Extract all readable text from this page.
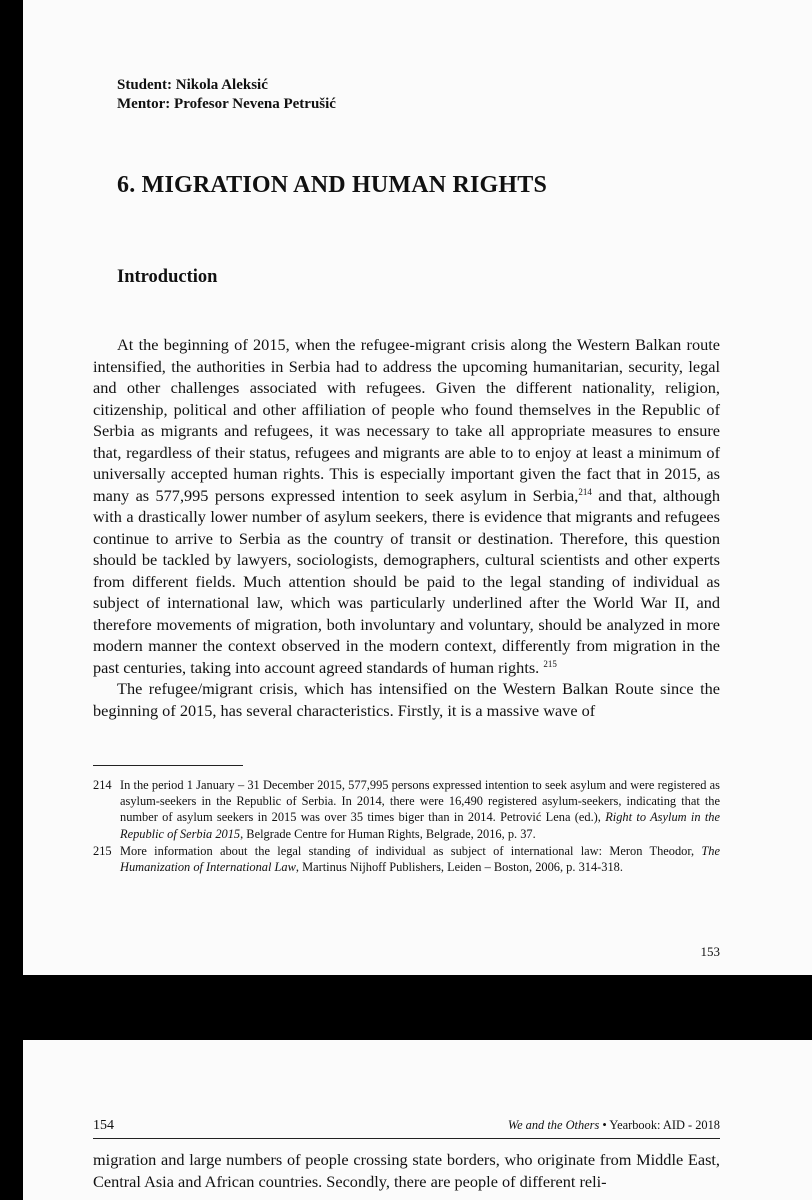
Student: Nikola Aleksić
Mentor: Profesor Nevena Petrušić
6. MIGRATION AND HUMAN RIGHTS
Introduction

At the beginning of 2015, when the refugee-migrant crisis along the Western Balkan route intensified, the authorities in Serbia had to address the upcoming humanitarian, security, legal and other challenges associated with refugees. Given the different nationality, religion, citizenship, political and other affiliation of people who found themselves in the Republic of Serbia as migrants and refugees, it was necessary to take all appropriate measures to ensure that, regardless of their status, refugees and migrants are able to to enjoy at least a minimum of universally accepted human rights. This is especially important given the fact that in 2015, as many as 577,995 persons expressed intention to seek asylum in Serbia,$^{214}$ and that, although with a drastically lower number of asylum seekers, there is evidence that migrants and refugees continue to arrive to Serbia as the country of transit or destination. Therefore, this question should be tackled by lawyers, sociologists, demographers, cultural scientists and other experts from different fields. Much attention should be paid to the legal standing of individual as subject of international law, which was particularly underlined after the World War II, and therefore movements of migration, both involuntary and voluntary, should be analyzed in more modern manner the context observed in the modern context, differently from migration in the past centuries, taking into account agreed standards of human rights. $^{215}$

The refugee/migrant crisis, which has intensified on the Western Balkan Route since the beginning of 2015, has several characteristics. Firstly, it is a massive wave of

214 In the period 1 January – 31 December 2015, 577,995 persons expressed intention to seek asylum and were registered as asylum-seekers in the Republic of Serbia. In 2014, there were 16,490 registered asylum-seekers, indicating that the number of asylum seekers in 2015 was over 35 times biger than in 2014. Petrović Lena (ed.), Right to Asylum in the Republic of Serbia 2015, Belgrade Centre for Human Rights, Belgrade, 2016, p. 37.
215 More information about the legal standing of individual as subject of international law: Meron Theodor, The Humanization of International Law, Martinus Nijhoff Publishers, Leiden – Boston, 2006, p. 314-318.
153
154	We and the Others • Yearbook: AID - 2018

migration and large numbers of people crossing state borders, who originate from Middle East, Central Asia and African countries. Secondly, there are people of different reli-
